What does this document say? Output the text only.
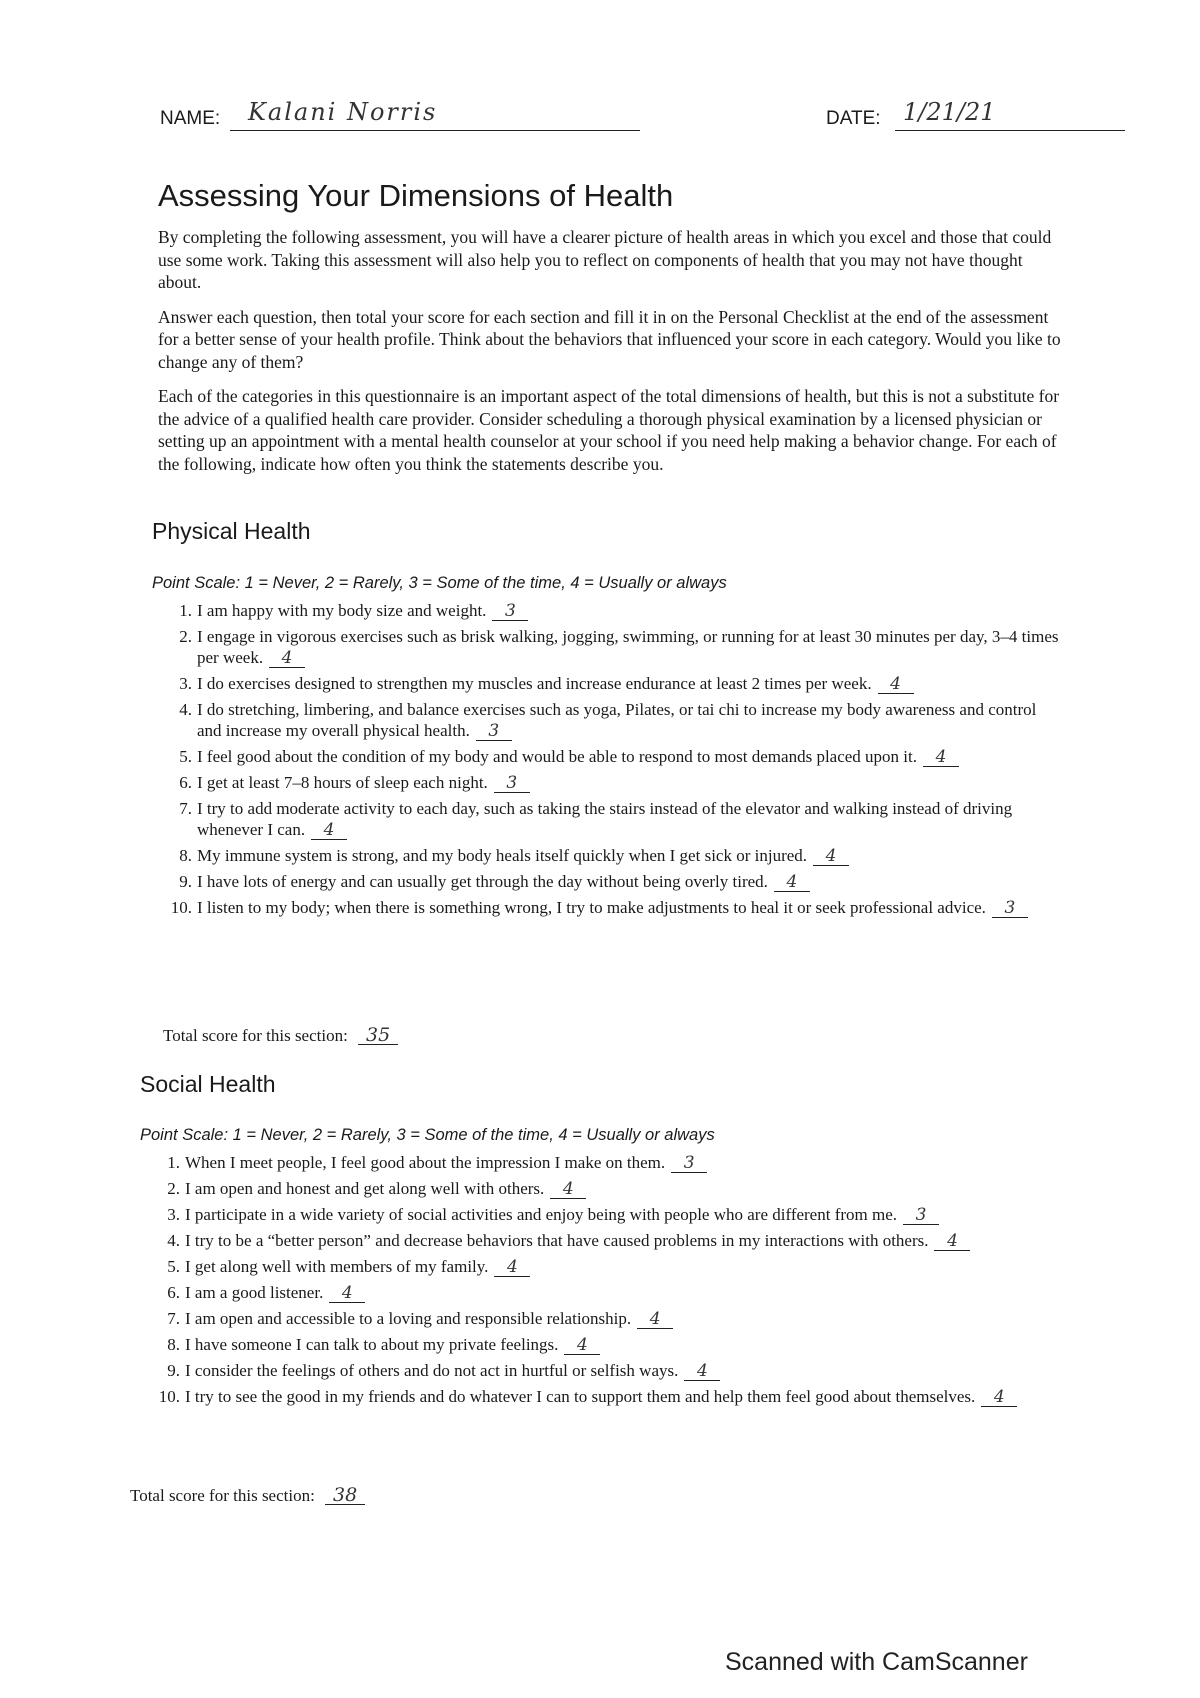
NAME: Kalani Norris	DATE: 1/21/21
Assessing Your Dimensions of Health

By completing the following assessment, you will have a clearer picture of health areas in which you excel and those that could use some work. Taking this assessment will also help you to reflect on components of health that you may not have thought about.

Answer each question, then total your score for each section and fill it in on the Personal Checklist at the end of the assessment for a better sense of your health profile. Think about the behaviors that influenced your score in each category. Would you like to change any of them?

Each of the categories in this questionnaire is an important aspect of the total dimensions of health, but this is not a substitute for the advice of a qualified health care provider. Consider scheduling a thorough physical examination by a licensed physician or setting up an appointment with a mental health counselor at your school if you need help making a behavior change. For each of the following, indicate how often you think the statements describe you.

Physical Health
Point Scale: 1 = Never, 2 = Rarely, 3 = Some of the time, 4 = Usually or always
1. I am happy with my body size and weight. 3
2. I engage in vigorous exercises such as brisk walking, jogging, swimming, or running for at least 30 minutes per day, 3–4 times per week. 4
3. I do exercises designed to strengthen my muscles and increase endurance at least 2 times per week. 4
4. I do stretching, limbering, and balance exercises such as yoga, Pilates, or tai chi to increase my body awareness and control and increase my overall physical health. 3
5. I feel good about the condition of my body and would be able to respond to most demands placed upon it. 4
6. I get at least 7–8 hours of sleep each night. 3
7. I try to add moderate activity to each day, such as taking the stairs instead of the elevator and walking instead of driving whenever I can. 4
8. My immune system is strong, and my body heals itself quickly when I get sick or injured. 4
9. I have lots of energy and can usually get through the day without being overly tired. 4
10. I listen to my body; when there is something wrong, I try to make adjustments to heal it or seek professional advice. 3
Total score for this section: 35
Social Health
Point Scale: 1 = Never, 2 = Rarely, 3 = Some of the time, 4 = Usually or always
1. When I meet people, I feel good about the impression I make on them. 3
2. I am open and honest and get along well with others. 4
3. I participate in a wide variety of social activities and enjoy being with people who are different from me. 3
4. I try to be a “better person” and decrease behaviors that have caused problems in my interactions with others. 4
5. I get along well with members of my family. 4
6. I am a good listener. 4
7. I am open and accessible to a loving and responsible relationship. 4
8. I have someone I can talk to about my private feelings. 4
9. I consider the feelings of others and do not act in hurtful or selfish ways. 4
10. I try to see the good in my friends and do whatever I can to support them and help them feel good about themselves. 4
Total score for this section: 38
Scanned with CamScanner
